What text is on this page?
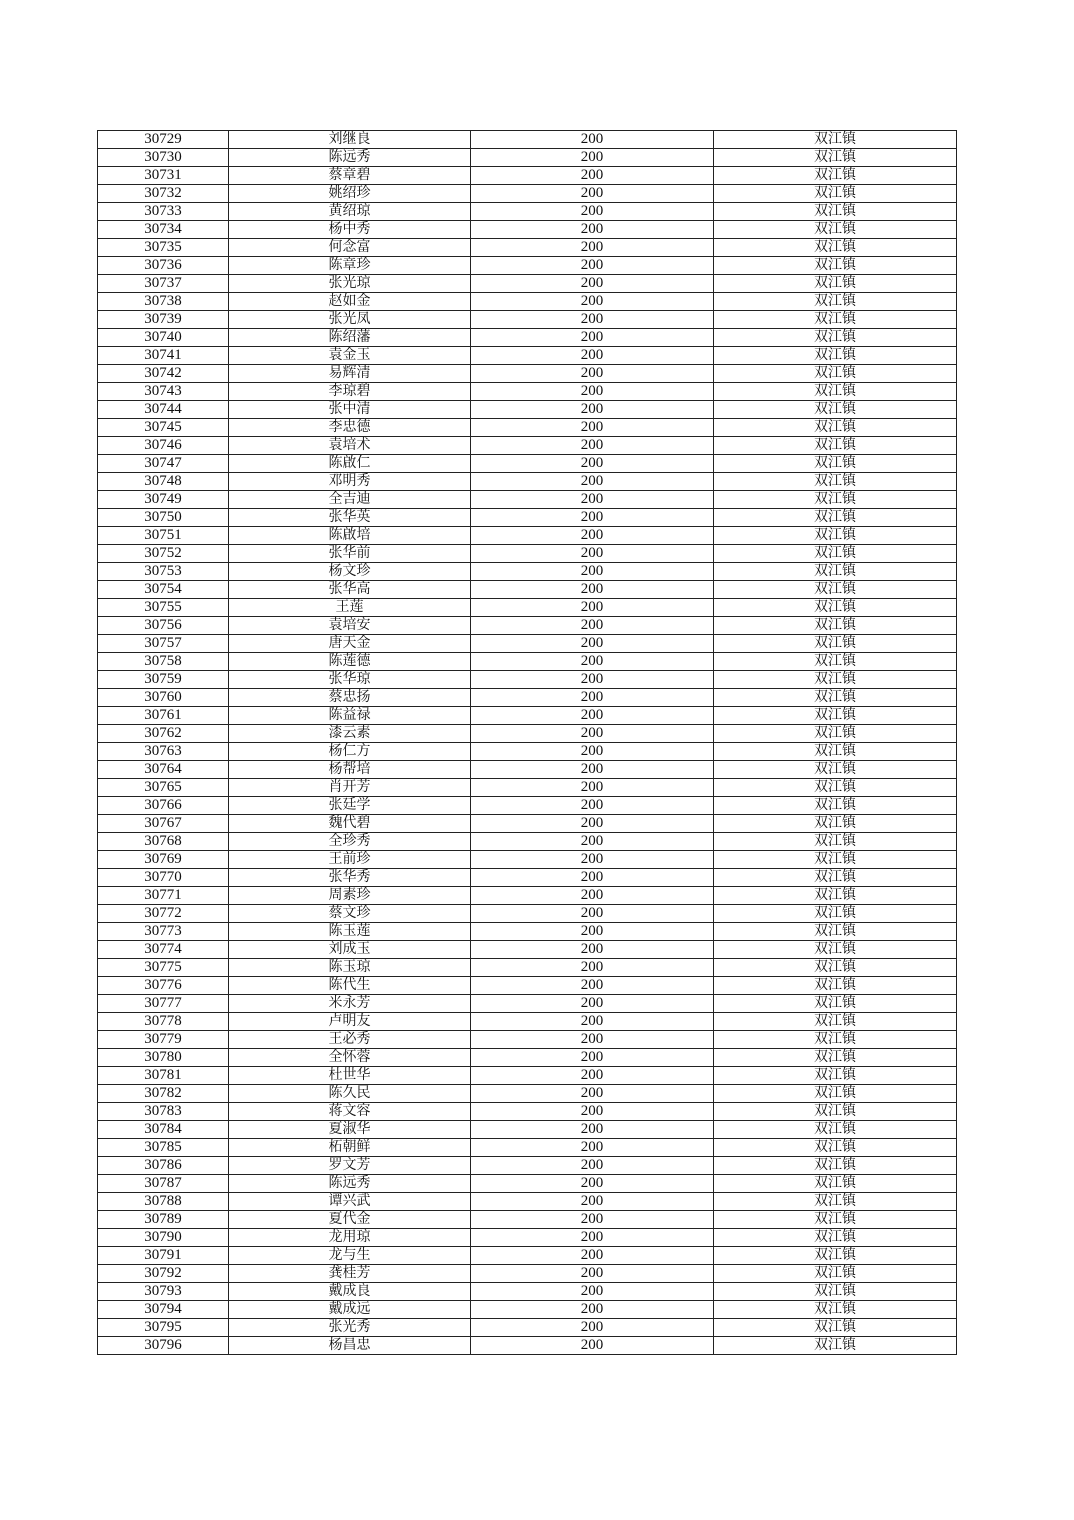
30729	刘继良	200	双江镇
30730	陈远秀	200	双江镇
30731	蔡章碧	200	双江镇
30732	姚绍珍	200	双江镇
30733	黄绍琼	200	双江镇
30734	杨中秀	200	双江镇
30735	何念富	200	双江镇
30736	陈章珍	200	双江镇
30737	张光琼	200	双江镇
30738	赵如金	200	双江镇
30739	张光凤	200	双江镇
30740	陈绍藩	200	双江镇
30741	袁金玉	200	双江镇
30742	易辉清	200	双江镇
30743	李琼碧	200	双江镇
30744	张中清	200	双江镇
30745	李忠德	200	双江镇
30746	袁培术	200	双江镇
30747	陈啟仁	200	双江镇
30748	邓明秀	200	双江镇
30749	全吉迪	200	双江镇
30750	张华英	200	双江镇
30751	陈啟培	200	双江镇
30752	张华前	200	双江镇
30753	杨文珍	200	双江镇
30754	张华高	200	双江镇
30755	王莲	200	双江镇
30756	袁培安	200	双江镇
30757	唐天金	200	双江镇
30758	陈莲德	200	双江镇
30759	张华琼	200	双江镇
30760	蔡忠扬	200	双江镇
30761	陈益禄	200	双江镇
30762	漆云素	200	双江镇
30763	杨仁方	200	双江镇
30764	杨帮培	200	双江镇
30765	肖开芳	200	双江镇
30766	张廷学	200	双江镇
30767	魏代碧	200	双江镇
30768	全珍秀	200	双江镇
30769	王前珍	200	双江镇
30770	张华秀	200	双江镇
30771	周素珍	200	双江镇
30772	蔡文珍	200	双江镇
30773	陈玉莲	200	双江镇
30774	刘成玉	200	双江镇
30775	陈玉琼	200	双江镇
30776	陈代生	200	双江镇
30777	米永芳	200	双江镇
30778	卢明友	200	双江镇
30779	王必秀	200	双江镇
30780	全怀蓉	200	双江镇
30781	杜世华	200	双江镇
30782	陈久民	200	双江镇
30783	蒋文容	200	双江镇
30784	夏淑华	200	双江镇
30785	柘朝鲜	200	双江镇
30786	罗文芳	200	双江镇
30787	陈远秀	200	双江镇
30788	谭兴武	200	双江镇
30789	夏代金	200	双江镇
30790	龙用琼	200	双江镇
30791	龙与生	200	双江镇
30792	龚桂芳	200	双江镇
30793	戴成良	200	双江镇
30794	戴成远	200	双江镇
30795	张光秀	200	双江镇
30796	杨昌忠	200	双江镇
